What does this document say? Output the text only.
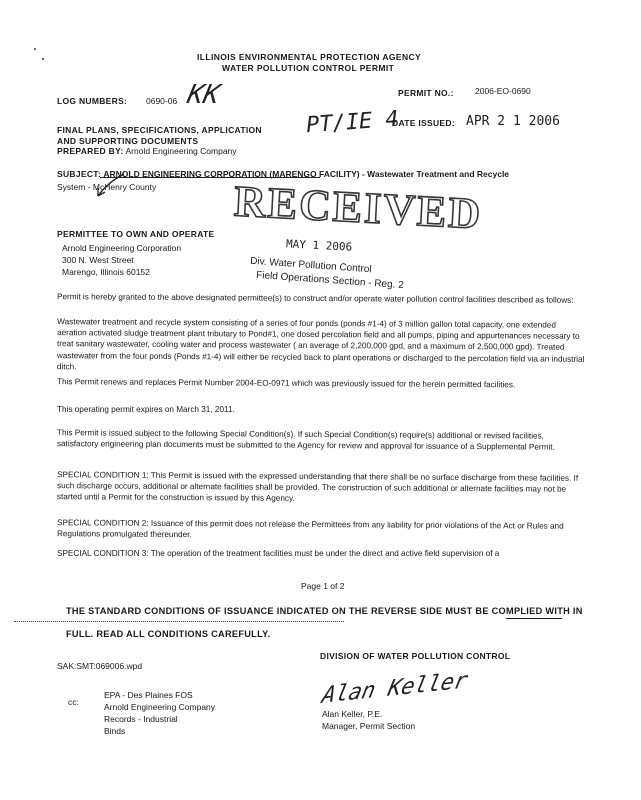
ILLINOIS ENVIRONMENTAL PROTECTION AGENCY
WATER POLLUTION CONTROL PERMIT
LOG NUMBERS: 0690-06 KK	PERMIT NO.:	2006-EO-0690
FINAL PLANS, SPECIFICATIONS, APPLICATION
AND SUPPORTING DOCUMENTS
PREPARED BY: Arnold Engineering Company
PT/IE 4
DATE ISSUED: APR 2 1 2006
SUBJECT: ARNOLD ENGINEERING CORPORATION (MARENGO FACILITY) - Wastewater Treatment and Recycle
System - McHenry County RECEIVED
MAY 1 2006
Div. Water Pollution Control
Field Operations Section - Reg. 2
PERMITTEE TO OWN AND OPERATE
Arnold Engineering Corporation
300 N. West Street
Marengo, Illinois 60152
Permit is hereby granted to the above designated permittee(s) to construct and/or operate water pollution control facilities described as follows:
Wastewater treatment and recycle system consisting of a series of four ponds (ponds #1-4) of 3 million gallon total capacity, one extended aeration activated sludge treatment plant tributary to Pond#1, one dosed percolation field and all pumps, piping and appurtenances necessary to treat sanitary wastewater, cooling water and process wastewater ( an average of 2,200,000 gpd, and a maximum of 2,500,000 gpd). Treated wastewater from the four ponds (Ponds #1-4) will either be recycled back to plant operations or discharged to the percolation field via an industrial ditch.
This Permit renews and replaces Permit Number 2004-EO-0971 which was previously issued for the herein permitted facilities.
This operating permit expires on March 31, 2011.
This Permit is issued subject to the following Special Condition(s). If such Special Condition(s) require(s) additional or revised facilities, satisfactory engineering plan documents must be submitted to the Agency for review and approval for issuance of a Supplemental Permit.
SPECIAL CONDITION 1: This Permit is issued with the expressed understanding that there shall be no surface discharge from these facilities. If such discharge occurs, additional or alternate facilities shall be provided. The construction of such additional or alternate facilities may not be started until a Permit for the construction is issued by this Agency.
SPECIAL CONDITION 2: Issuance of this permit does not release the Permittees from any liability for prior violations of the Act or Rules and Regulations promulgated thereunder.
SPECIAL CONDITION 3: The operation of the treatment facilities must be under the direct and active field supervision of a
Page 1 of 2
THE STANDARD CONDITIONS OF ISSUANCE INDICATED ON THE REVERSE SIDE MUST BE COMPLIED WITH IN
FULL. READ ALL CONDITIONS CAREFULLY.
DIVISION OF WATER POLLUTION CONTROL
SAK:SMT:069006.wpd
Alan Keller
Alan Keller, P.E.
Manager, Permit Section
cc:
EPA - Des Plaines FOS
Arnold Engineering Company
Records - Industrial
Binds
